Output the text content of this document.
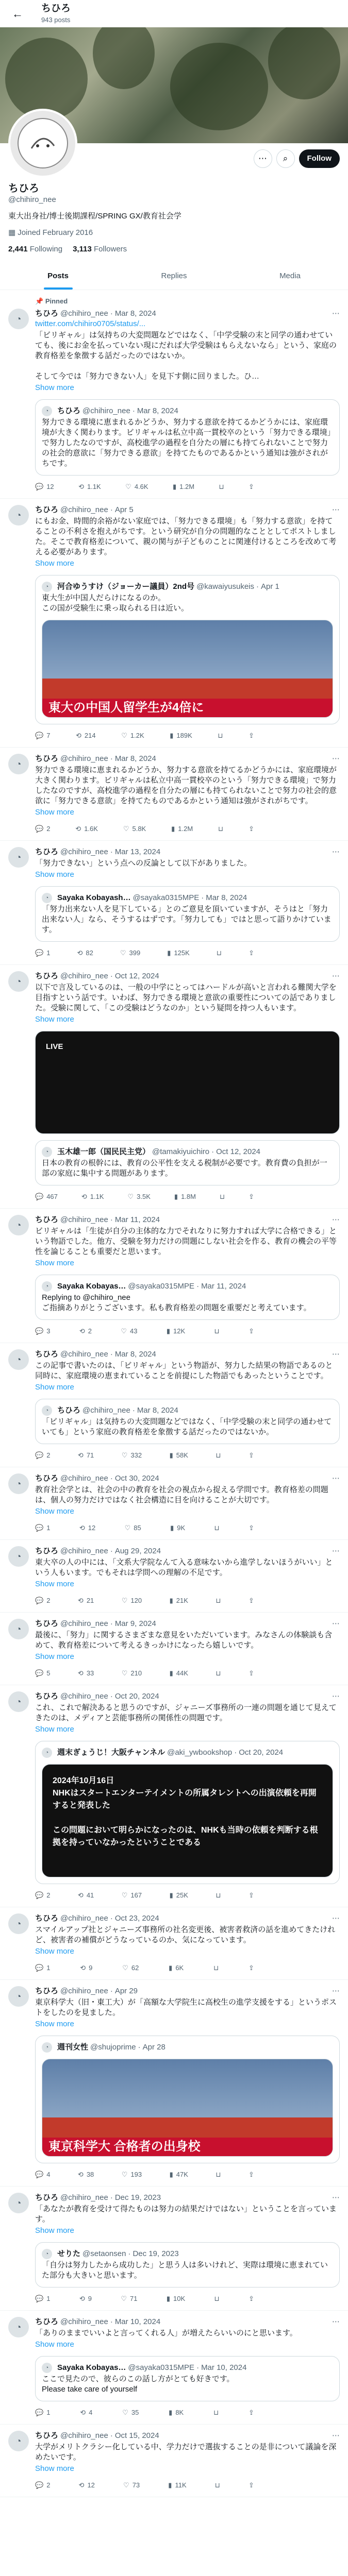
←	ちひろ
943 posts
⋯	⌕	Follow
ちひろ
@chihiro_nee
東大出身社/博士後期課程/SPRING GX/教育社会学
▦ Joined February 2016
2,441 Following 3,113 Followers
Posts	Replies	Media
📌 Pinned
◔
ちひろ @chihiro_nee · Mar 8, 2024	⋯
twitter.com/chihiro0705/status/...
「ビリギャル」は気持ちの大変問題などではなく、「中学受験の末と同学の通わせていても、後にお金を払っていない現にだれば大学受験はもらえないなら」という、家庭の教育格差を象徴する話だったのではないか。

そして今では「努力できない人」を見下す側に回りました。ひ…
Show more
◔	ちひろ @chihiro_nee · Mar 8, 2024
努力できる環境に恵まれるかどうか、努力する意欲を持てるかどうかには、家庭環境が大きく関わります。ビリギャルは私立中高一貫校卒のという「努力できる環境」で努力したなのですが、高校進学の過程を自分たの層にも持てられないことで努力の社会的意欲に「努力できる意欲」を持てたものであるかという通知は強がされがちです。
💬 12	⟲ 1.1K	♡ 4.6K	▮ 1.2M	⊔	⇪
◔
ちひろ @chihiro_nee · Apr 5	⋯
にもお金、時間的余裕がない家庭では、「努力できる環境」も「努力する意欲」を持てることの不利さを抱えがちです。という研究が自分の問題的なこととしてポストしました。そこで教育格差について、親の関与が子どものことに関連付けるところを改めて考える必要があります。
Show more
◔	河合ゆうすけ（ジョーカー議員）2nd号 @kawaiyusukeis · Apr 1
東大生が中国人だらけになるのか。
この国が受験生に乗っ取られる日は近い。
東大の中国人留学生が4倍に
💬 7	⟲ 214	♡ 1.2K	▮ 189K	⊔	⇪
◔
ちひろ @chihiro_nee · Mar 8, 2024	⋯
努力できる環境に恵まれるかどうか、努力する意欲を持てるかどうかには、家庭環境が大きく関わります。ビリギャルは私立中高一貫校卒のという「努力できる環境」で努力したなのですが、高校進学の過程を自分たの層にも持てられないことで努力の社会的意欲に「努力できる意欲」を持てたものであるかという通知は強がされがちです。
Show more
💬 2	⟲ 1.6K	♡ 5.8K	▮ 1.2M	⊔	⇪
◔
ちひろ @chihiro_nee · Mar 13, 2024	⋯
「努力できない」という点への反論として以下がありました。
Show more
◔	Sayaka Kobayash… @sayaka0315MPE · Mar 8, 2024
「努力出来ない人を見下している」とのご意見を頂いていますが、そうはと「努力出来ない人」なら、そうするはずです。「努力しても」ではと思って語りかけています。
💬 1	⟲ 82	♡ 399	▮ 125K	⊔	⇪
◔
ちひろ @chihiro_nee · Oct 12, 2024	⋯
以下で言及しているのは、一般の中学にとってはハードルが高いと言われる難関大学を目指すという話です。いわば、努力できる環境と意欲の重要性についての話でありました。受験に関して、「この受験はどうなのか」という疑問を持つ人もいます。
Show more
LIVE
◔	玉木雄一郎（国民民主党） @tamakiyuichiro · Oct 12, 2024
日本の教育の根幹には、教育の公平性を支える税制が必要です。教育費の負担が一部の家庭に集中する問題があります。
💬 467	⟲ 1.1K	♡ 3.5K	▮ 1.8M	⊔	⇪
◔
ちひろ @chihiro_nee · Mar 11, 2024	⋯
ビリギャルは「生徒が自分の主体的な力でそれなりに努力すれば大学に合格できる」という物語でした。他方、受験を努力だけの問題にしない社会を作る、教育の機会の平等性を論じることも重要だと思います。
Show more
◔	Sayaka Kobayas… @sayaka0315MPE · Mar 11, 2024
Replying to @chihiro_nee
ご指摘ありがとうございます。私も教育格差の問題を重要だと考えています。
💬 3	⟲ 2	♡ 43	▮ 12K	⊔	⇪
◔
ちひろ @chihiro_nee · Mar 8, 2024	⋯
この記事で書いたのは、「ビリギャル」という物語が、努力した結果の物語であるのと同時に、家庭環境の恵まれていることを前提にした物語でもあったということです。
Show more
◔	ちひろ @chihiro_nee · Mar 8, 2024
「ビリギャル」は気持ちの大変問題などではなく、「中学受験の末と同学の通わせていても」という家庭の教育格差を象徴する話だったのではないか。
💬 2	⟲ 71	♡ 332	▮ 58K	⊔	⇪
◔
ちひろ @chihiro_nee · Oct 30, 2024	⋯
教育社会学とは、社会の中の教育を社会の視点から捉える学問です。教育格差の問題は、個人の努力だけではなく社会構造に目を向けることが大切です。
Show more
💬 1	⟲ 12	♡ 85	▮ 9K	⊔	⇪
◔
ちひろ @chihiro_nee · Aug 29, 2024	⋯
東大卒の人の中には、「文系大学院なんて入る意味ないから進学しないほうがいい」という人もいます。でもそれは学問への理解の不足です。
Show more
💬 2	⟲ 21	♡ 120	▮ 21K	⊔	⇪
◔
ちひろ @chihiro_nee · Mar 9, 2024	⋯
最後に、「努力」に関するさまざまな意見をいただいています。みなさんの体験談も含めて、教育格差について考えるきっかけになったら嬉しいです。
Show more
💬 5	⟲ 33	♡ 210	▮ 44K	⊔	⇪
◔
ちひろ @chihiro_nee · Oct 20, 2024	⋯
これ、これで解決あると思うのですが、ジャニーズ事務所の一連の問題を通じて見えてきたのは、メディアと芸能事務所の関係性の問題です。
Show more
◔	週末ぎょうじ！大阪チャンネル @aki_ywbookshop · Oct 20, 2024
2024年10月16日
NHKはスタートエンターテイメントの所属タレントへの出演依頼を再開すると発表した

この問題において明らかになったのは、NHKも当時の依頼を判断する根拠を持っていなかったということである
💬 2	⟲ 41	♡ 167	▮ 25K	⊔	⇪
◔
ちひろ @chihiro_nee · Oct 23, 2024	⋯
スマイルアップ社とジャニーズ事務所の社名変更後、被害者救済の話を進めてきたけれど、被害者の補償がどうなっているのか、気になっています。
Show more
💬 1	⟲ 9	♡ 62	▮ 6K	⊔	⇪
◔
ちひろ @chihiro_nee · Apr 29	⋯
東京科学大（旧・東工大）が「高額な大学院生に高校生の進学支援をする」というポストをしたのを見ました。
Show more
◔	週刊女性 @shujoprime · Apr 28
東京科学大 合格者の出身校
💬 4	⟲ 38	♡ 193	▮ 47K	⊔	⇪
◔
ちひろ @chihiro_nee · Dec 19, 2023	⋯
「あなたが教育を受けて得たものは努力の結果だけではない」ということを言っています。
Show more
◔	せりた @setaonsen · Dec 19, 2023
「自分は努力したから成功した」と思う人は多いけれど、実際は環境に恵まれていた部分も大きいと思います。
💬 1	⟲ 9	♡ 71	▮ 10K	⊔	⇪
◔
ちひろ @chihiro_nee · Mar 10, 2024	⋯
「ありのままでいいよと言ってくれる人」が増えたらいいのにと思います。
Show more
◔	Sayaka Kobayas… @sayaka0315MPE · Mar 10, 2024
ここで見たので、彼らのこの話し方がとても好きです。
Please take care of yourself
💬 1	⟲ 4	♡ 35	▮ 8K	⊔	⇪
◔
ちひろ @chihiro_nee · Oct 15, 2024	⋯
大学がメリトクラシー化している中、学力だけで選抜することの是非について議論を深めたいです。
Show more
💬 2	⟲ 12	♡ 73	▮ 11K	⊔	⇪
